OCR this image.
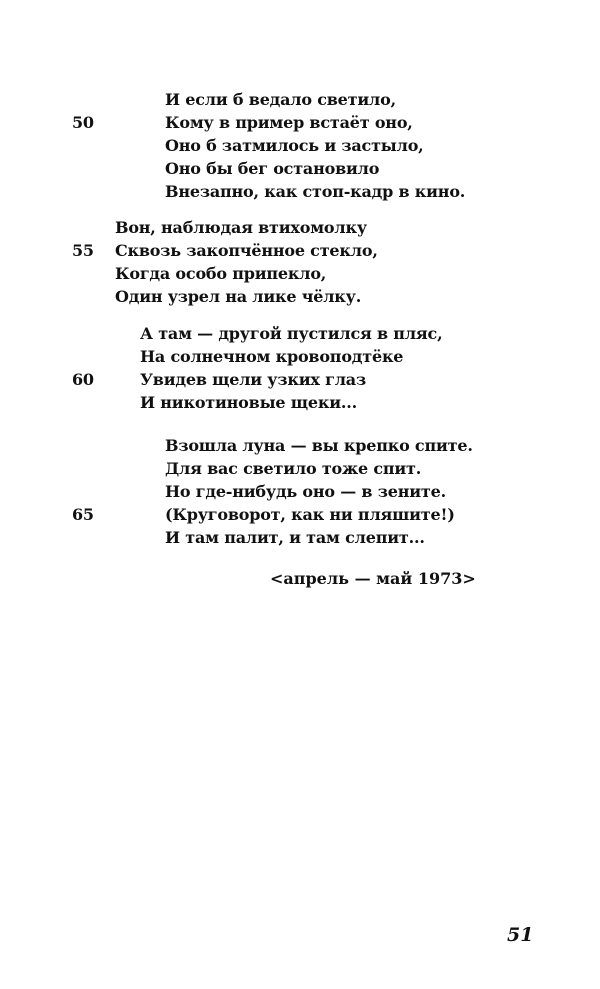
И если б ведало светило,
50	Кому в пример встаёт оно,
Оно б затмилось и застыло,
Оно бы бег остановило
Внезапно, как стоп-кадр в кино.
Вон, наблюдая втихомолку
55 Сквозь закопчённое стекло,
Когда особо припекло,
Один узрел на лике чёлку.
А там — другой пустился в пляс,
На солнечном кровоподтёке
60	Увидев щели узких глаз
И никотиновые щеки...
Взошла луна — вы крепко спите.
Для вас светило тоже спит.
Но где-нибудь оно — в зените.
65	(Круговорот, как ни пляшите!)
И там палит, и там слепит...
<апрель — май 1973>
51
